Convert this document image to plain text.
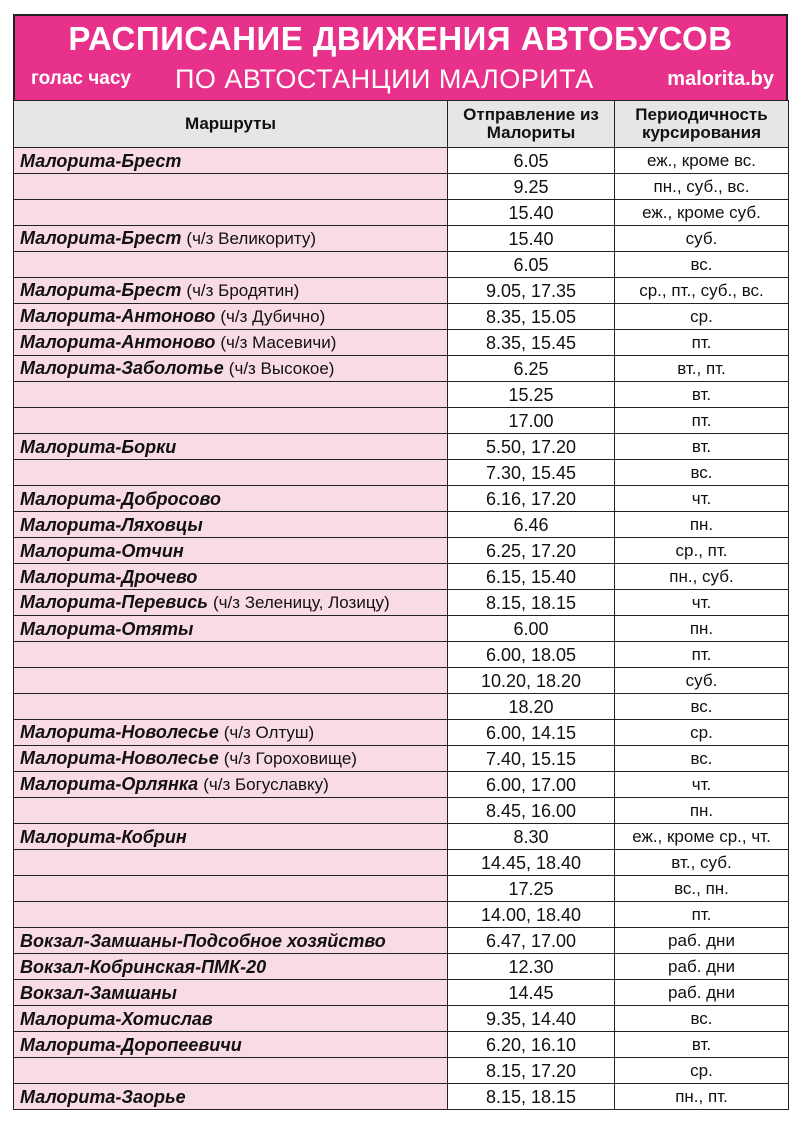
РАСПИСАНИЕ ДВИЖЕНИЯ АВТОБУСОВ
голас часу ПО АВТОСТАНЦИИ МАЛОРИТА	malorita.by
Маршруты	Отправление из Малориты	Периодичность курсирования
Малорита-Брест	6.05	еж., кроме вс.
	9.25	пн., суб., вс.
	15.40	еж., кроме суб.
Малорита-Брест (ч/з Великориту)	15.40	суб.
	6.05	вс.
Малорита-Брест (ч/з Бродятин)	9.05, 17.35	ср., пт., суб., вс.
Малорита-Антоново (ч/з Дубично)	8.35, 15.05	ср.
Малорита-Антоново (ч/з Масевичи)	8.35, 15.45	пт.
Малорита-Заболотье (ч/з Высокое)	6.25	вт., пт.
	15.25	вт.
	17.00	пт.
Малорита-Борки	5.50, 17.20	вт.
	7.30, 15.45	вс.
Малорита-Добросово	6.16, 17.20	чт.
Малорита-Ляховцы	6.46	пн.
Малорита-Отчин	6.25, 17.20	ср., пт.
Малорита-Дрочево	6.15, 15.40	пн., суб.
Малорита-Перевись (ч/з Зеленицу, Лозицу)	8.15, 18.15	чт.
Малорита-Отяты	6.00	пн.
	6.00, 18.05	пт.
	10.20, 18.20	суб.
	18.20	вс.
Малорита-Новолесье (ч/з Олтуш)	6.00, 14.15	ср.
Малорита-Новолесье (ч/з Гороховище)	7.40, 15.15	вс.
Малорита-Орлянка (ч/з Богуславку)	6.00, 17.00	чт.
	8.45, 16.00	пн.
Малорита-Кобрин	8.30	еж., кроме ср., чт.
	14.45, 18.40	вт., суб.
	17.25	вс., пн.
	14.00, 18.40	пт.
Вокзал-Замшаны-Подсобное хозяйство	6.47, 17.00	раб. дни
Вокзал-Кобринская-ПМК-20	12.30	раб. дни
Вокзал-Замшаны	14.45	раб. дни
Малорита-Хотислав	9.35, 14.40	вс.
Малорита-Доропеевичи	6.20, 16.10	вт.
	8.15, 17.20	ср.
Малорита-Заорье	8.15, 18.15	пн., пт.
